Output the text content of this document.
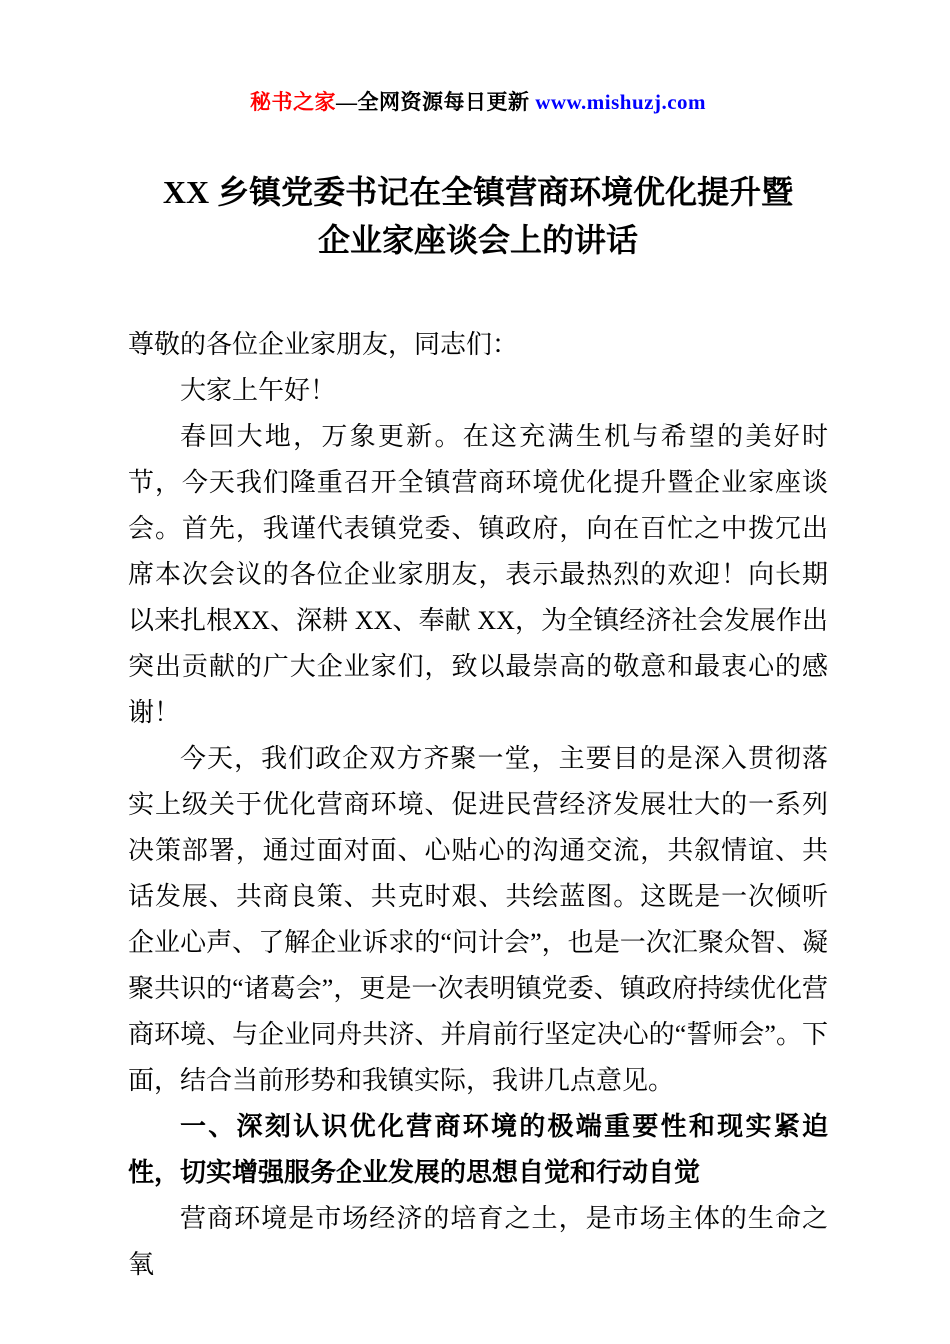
秘书之家—全网资源每日更新 www.mishuzj.com
XX 乡镇党委书记在全镇营商环境优化提升暨
企业家座谈会上的讲话
尊敬的各位企业家朋友，同志们：
大家上午好！
春回大地，万象更新。在这充满生机与希望的美好时节，今天我们隆重召开全镇营商环境优化提升暨企业家座谈会。首先，我谨代表镇党委、镇政府，向在百忙之中拨冗出席本次会议的各位企业家朋友，表示最热烈的欢迎！向长期以来扎根XX、深耕 XX、奉献 XX，为全镇经济社会发展作出突出贡献的广大企业家们，致以最崇高的敬意和最衷心的感谢！
今天，我们政企双方齐聚一堂，主要目的是深入贯彻落实上级关于优化营商环境、促进民营经济发展壮大的一系列决策部署，通过面对面、心贴心的沟通交流，共叙情谊、共话发展、共商良策、共克时艰、共绘蓝图。这既是一次倾听企业心声、了解企业诉求的“问计会”，也是一次汇聚众智、凝聚共识的“诸葛会”，更是一次表明镇党委、镇政府持续优化营商环境、与企业同舟共济、并肩前行坚定决心的“誓师会”。下面，结合当前形势和我镇实际，我讲几点意见。
一、深刻认识优化营商环境的极端重要性和现实紧迫性，切实增强服务企业发展的思想自觉和行动自觉
营商环境是市场经济的培育之土，是市场主体的生命之氧
